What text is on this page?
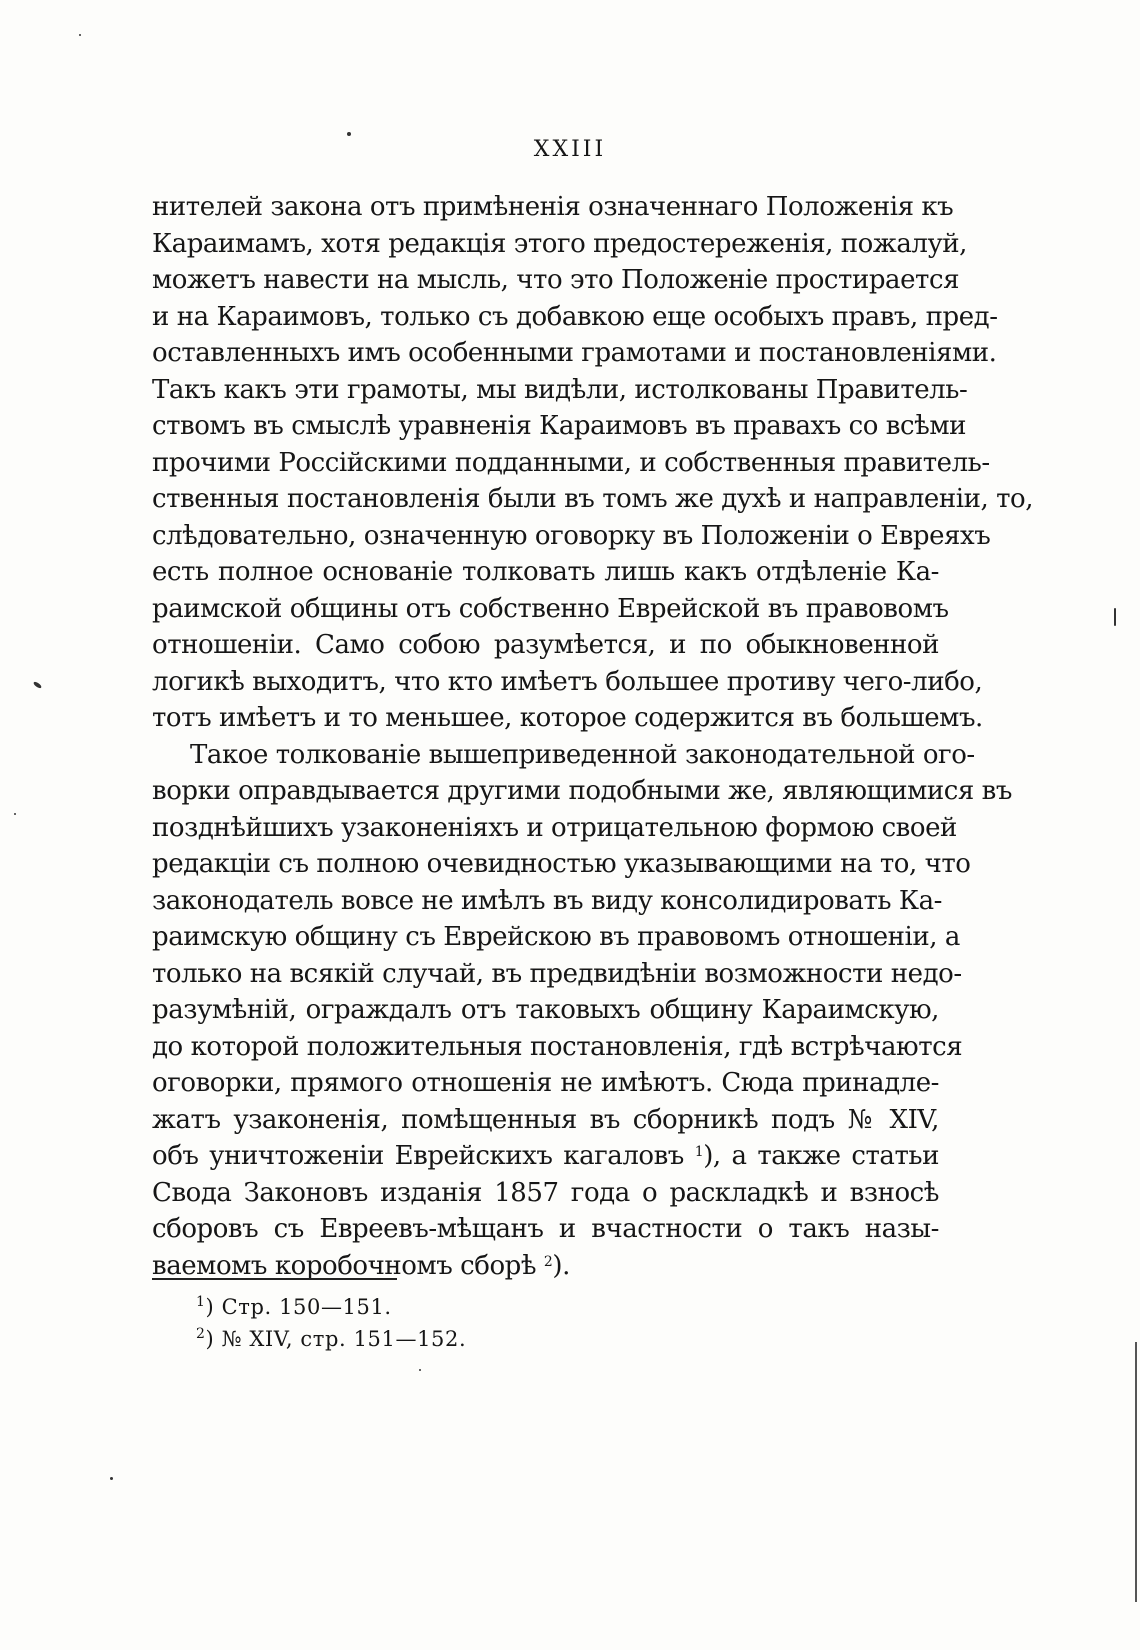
XXIII
нителей закона отъ примѣненія означеннаго Положенія къ
Караимамъ, хотя редакція этого предостереженія, пожалуй,
можетъ навести на мысль, что это Положеніе простирается
и на Караимовъ, только съ добавкою еще особыхъ правъ, пред-
оставленныхъ имъ особенными грамотами и постановленіями.
Такъ какъ эти грамоты, мы видѣли, истолкованы Правитель-
ствомъ въ смыслѣ уравненія Караимовъ въ правахъ со всѣми
прочими Россійскими подданными, и собственныя правитель-
ственныя постановленія были въ томъ же духѣ и направленіи, то,
слѣдовательно, означенную оговорку въ Положеніи о Евреяхъ
есть полное основаніе толковать лишь какъ отдѣленіе Ка-
раимской общины отъ собственно Еврейской въ правовомъ
отношеніи. Само собою разумѣется, и по обыкновенной
логикѣ выходитъ, что кто имѣетъ большее противу чего-либо,
тотъ имѣетъ и то меньшее, которое содержится въ большемъ.
Такое толкованіе вышеприведенной законодательной ого-
ворки оправдывается другими подобными же, являющимися въ
позднѣйшихъ узаконеніяхъ и отрицательною формою своей
редакціи съ полною очевидностью указывающими на то, что
законодатель вовсе не имѣлъ въ виду консолидировать Ка-
раимскую общину съ Еврейскою въ правовомъ отношеніи, а
только на всякій случай, въ предвидѣніи возможности недо-
разумѣній, ограждалъ отъ таковыхъ общину Караимскую,
до которой положительныя постановленія, гдѣ встрѣчаются
оговорки, прямого отношенія не имѣютъ. Сюда принадле-
жатъ узаконенія, помѣщенныя въ сборникѣ подъ № XIV,
объ уничтоженіи Еврейскихъ кагаловъ $^1$), а также статьи
Свода Законовъ изданія 1857 года о раскладкѣ и взносѣ
сборовъ съ Евреевъ-мѣщанъ и вчастности о такъ назы-
ваемомъ коробочномъ сборѣ $^2$).
$^1$) Стр. 150—151.
$^2$) № XIV, стр. 151—152.
